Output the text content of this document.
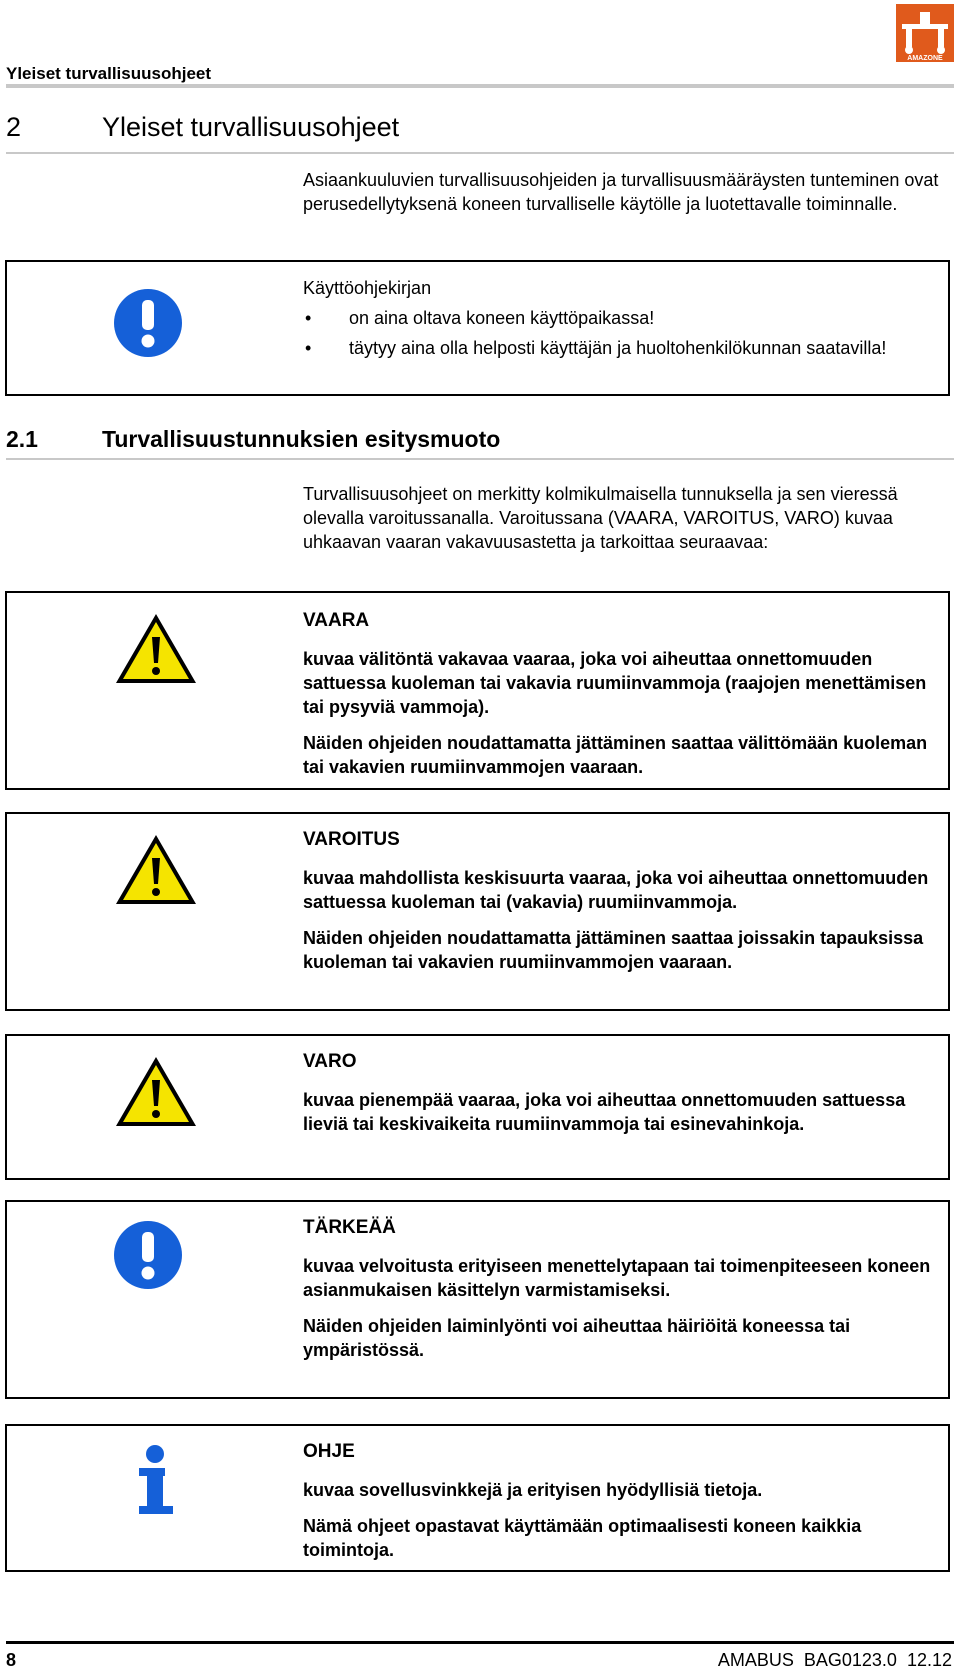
Yleiset turvallisuusohjeet
AMAZONE
2	Yleiset turvallisuusohjeet
Asiaankuuluvien turvallisuusohjeiden ja turvallisuusmääräysten tunteminen ovat perusedellytyksenä koneen turvalliselle käytölle ja luotettavalle toiminnalle.
Käyttöohjekirjan
• on aina oltava koneen käyttöpaikassa!
• täytyy aina olla helposti käyttäjän ja huoltohenkilökunnan saatavilla!
2.1	Turvallisuustunnuksien esitysmuoto
Turvallisuusohjeet on merkitty kolmikulmaisella tunnuksella ja sen vieressä olevalla varoitussanalla. Varoitussana (VAARA, VAROITUS, VARO) kuvaa uhkaavan vaaran vakavuusastetta ja tarkoittaa seuraavaa:
VAARA
kuvaa välitöntä vakavaa vaaraa, joka voi aiheuttaa onnettomuuden sattuessa kuoleman tai vakavia ruumiinvammoja (raajojen menettämisen tai pysyviä vammoja).
Näiden ohjeiden noudattamatta jättäminen saattaa välittömään kuoleman tai vakavien ruumiinvammojen vaaraan.
VAROITUS
kuvaa mahdollista keskisuurta vaaraa, joka voi aiheuttaa onnettomuuden sattuessa kuoleman tai (vakavia) ruumiinvammoja.
Näiden ohjeiden noudattamatta jättäminen saattaa joissakin tapauksissa kuoleman tai vakavien ruumiinvammojen vaaraan.
VARO
kuvaa pienempää vaaraa, joka voi aiheuttaa onnettomuuden sattuessa lieviä tai keskivaikeita ruumiinvammoja tai esinevahinkoja.
TÄRKEÄÄ
kuvaa velvoitusta erityiseen menettelytapaan tai toimenpiteeseen koneen asianmukaisen käsittelyn varmistamiseksi.
Näiden ohjeiden laiminlyönti voi aiheuttaa häiriöitä koneessa tai ympäristössä.
OHJE
kuvaa sovellusvinkkejä ja erityisen hyödyllisiä tietoja.
Nämä ohjeet opastavat käyttämään optimaalisesti koneen kaikkia toimintoja.
8	AMABUS  BAG0123.0  12.12
